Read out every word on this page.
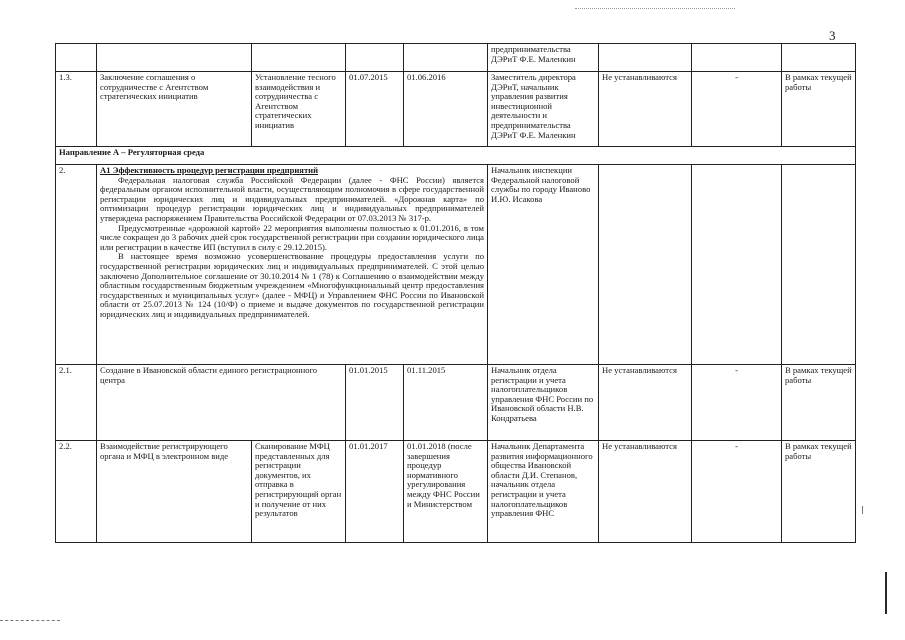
3
					предпринимательства ДЭРиТ Ф.Е. Маленкин			
1.3.	Заключение соглашения о сотрудничестве с Агентством стратегических инициатив	Установление тесного взаимодействия и сотрудничества с Агентством стратегических инициатив	01.07.2015	01.06.2016	Заместитель директора ДЭРиТ, начальник управления развития инвестиционной деятельности и предпринимательства ДЭРиТ Ф.Е. Маленкин	Не устанавливаются	-	В рамках текущей работы
Направление А – Регуляторная среда								
2.	А1 Эффективность процедур регистрации предприятий

Федеральная налоговая служба Российской Федерации (далее - ФНС России) является федеральным органом исполнительной власти, осуществляющим полномочия в сфере государственной регистрации юридических лиц и индивидуальных предпринимателей. «Дорожная карта» по оптимизации процедур регистрации юридических лиц и индивидуальных предпринимателей утверждена распоряжением Правительства Российской Федерации от 07.03.2013 № 317-р.

Предусмотренные «дорожной картой» 22 мероприятия выполнены полностью к 01.01.2016, в том числе сокращен до 3 рабочих дней срок государственной регистрации при создании юридического лица или регистрации в качестве ИП (вступил в силу с 29.12.2015).

В настоящее время возможно усовершенствование процедуры предоставления услуги по государственной регистрации юридических лиц и индивидуальных предпринимателей. С этой целью заключено Дополнительное соглашение от 30.10.2014 № 1 (78) к Соглашению о взаимодействии между областным государственным бюджетным учреждением «Многофункциональный центр предоставления государственных и муниципальных услуг» (далее - МФЦ) и Управлением ФНС России по Ивановской области от 25.07.2013 № 124 (10/Ф) о приеме и выдаче документов по государственной регистрации юридических лиц и индивидуальных предпринимателей.				Начальник инспекции Федеральной налоговой службы по городу Иваново И.Ю. Исакова			
2.1.	Создание в Ивановской области единого регистрационного центра		01.01.2015	01.11.2015	Начальник отдела регистрации и учета налогоплательщиков управления ФНС России по Ивановской области Н.В. Кондратьева	Не устанавливаются	-	В рамках текущей работы
2.2.	Взаимодействие регистрирующего органа и МФЦ в электронном виде	Сканирование МФЦ представленных для регистрации документов, их отправка в регистрирующий орган и получение от них результатов	01.01.2017	01.01.2018 (после завершения процедур нормативного урегулирования между ФНС России и Министерством	Начальник Департамента развития информационного общества Ивановской области Д.И. Степанов, начальник отдела регистрации и учета налогоплательщиков управления ФНС	Не устанавливаются	-	В рамках текущей работы
